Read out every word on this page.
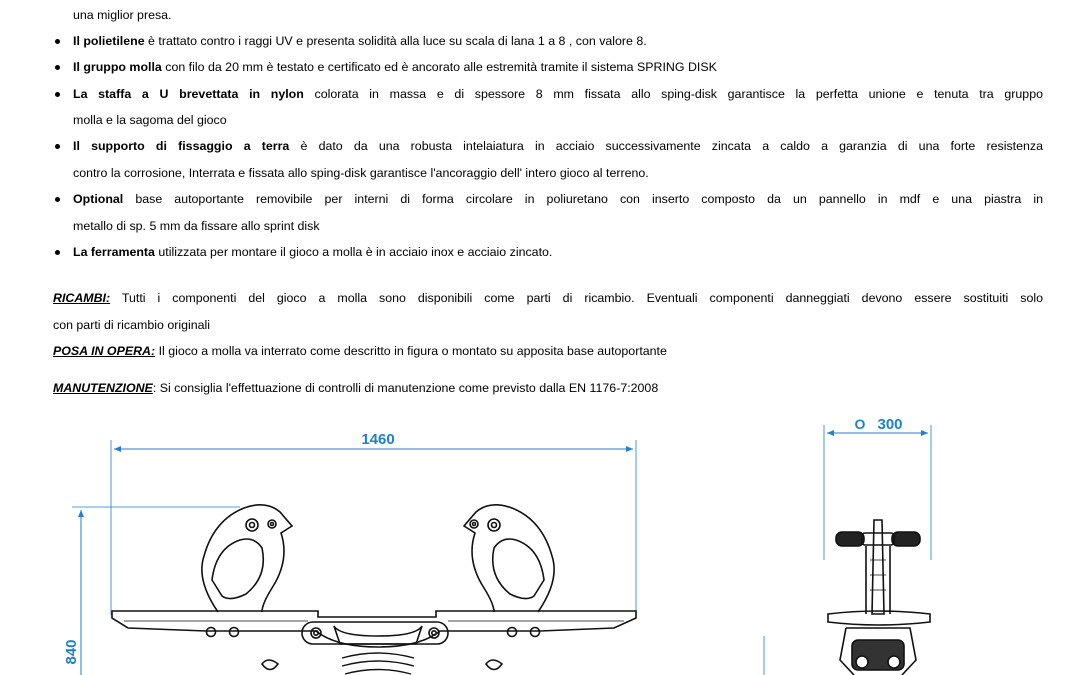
una miglior presa.
Il polietilene è trattato contro i raggi UV e presenta solidità alla luce su scala di lana 1 a 8 , con valore 8.
Il gruppo molla con filo da 20 mm è testato e certificato ed è ancorato alle estremità tramite il sistema SPRING DISK
La staffa a U brevettata in nylon colorata in massa e di spessore 8 mm fissata allo sping-disk garantisce la perfetta unione e tenuta tra gruppo
molla e la sagoma del gioco
Il supporto di fissaggio a terra è dato da una robusta intelaiatura in acciaio successivamente zincata a caldo a garanzia di una forte resistenza
contro la corrosione, Interrata e fissata allo sping-disk garantisce l'ancoraggio dell' intero gioco al terreno.
Optional base autoportante removibile per interni di forma circolare in poliuretano con inserto composto da un pannello in mdf e una piastra in
metallo di sp. 5 mm da fissare allo sprint disk
La ferramenta utilizzata per montare il gioco a molla è in acciaio inox e acciaio zincato.
RICAMBI: Tutti i componenti del gioco a molla sono disponibili come parti di ricambio. Eventuali componenti danneggiati devono essere sostituiti solo
con parti di ricambio originali
POSA IN OPERA: Il gioco a molla va interrato come descritto in figura o montato su apposita base autoportante
MANUTENZIONE: Si consiglia l'effettuazione di controlli di manutenzione come previsto dalla EN 1176-7:2008
1460
840
O 300
